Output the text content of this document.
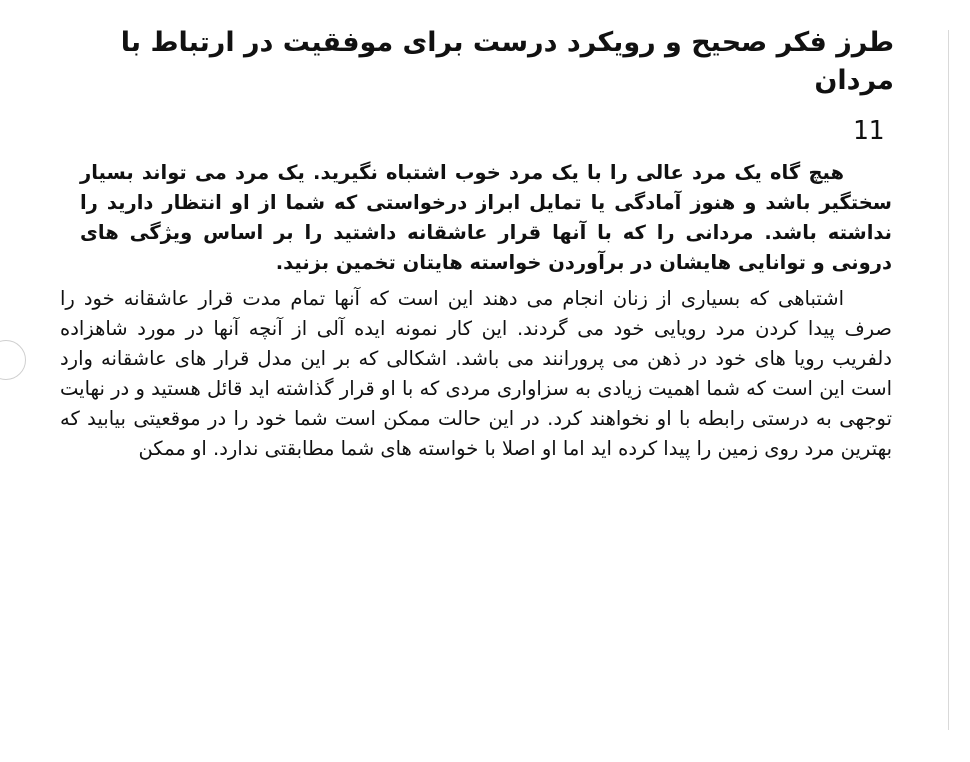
طرز فکر صحیح و رویکرد درست برای موفقیت در ارتباط با مردان
11

هیچ گاه یک مرد عالی را با یک مرد خوب اشتباه نگیرید. یک مرد می تواند بسیار سختگیر باشد و هنوز آمادگی یا تمایل ابراز درخواستی که شما از او انتظار دارید را نداشته باشد. مردانی را که با آنها قرار عاشقانه داشتید را بر اساس ویژگی های درونی و توانایی هایشان در برآوردن خواسته هایتان تخمین بزنید.

اشتباهی که بسیاری از زنان انجام می دهند این است که آنها تمام مدت قرار عاشقانه خود را صرف پیدا کردن مرد رویایی خود می گردند. این کار نمونه ایده آلی از آنچه آنها در مورد شاهزاده دلفریب رویا های خود در ذهن می پرورانند می باشد. اشکالی که بر این مدل قرار های عاشقانه وارد است این است که شما اهمیت زیادی به سزاواری مردی که با او قرار گذاشته اید قائل هستید و در نهایت توجهی به درستی رابطه با او نخواهند کرد. در این حالت ممکن است شما خود را در موقعیتی بیابید که بهترین مرد روی زمین را پیدا کرده اید اما او اصلا با خواسته های شما مطابقتی ندارد. او ممکن
